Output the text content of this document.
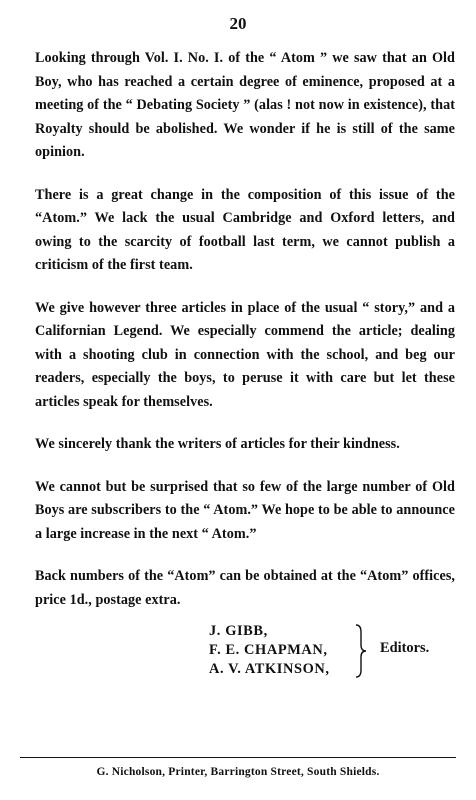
20

Looking through Vol. I. No. I. of the “ Atom ” we saw that an Old Boy, who has reached a certain degree of eminence, proposed at a meeting of the “ Debating Society ” (alas ! not now in existence), that Royalty should be abolished. We wonder if he is still of the same opinion.

There is a great change in the composition of this issue of the “Atom.” We lack the usual Cambridge and Oxford letters, and owing to the scarcity of football last term, we cannot publish a criticism of the first team.

We give however three articles in place of the usual “ story,” and a Californian Legend. We especially commend the article; dealing with a shooting club in connection with the school, and beg our readers, especially the boys, to peruse it with care but let these articles speak for themselves.

We sincerely thank the writers of articles for their kindness.

We cannot but be surprised that so few of the large number of Old Boys are subscribers to the “ Atom.” We hope to be able to announce a large increase in the next “ Atom.”

Back numbers of the “Atom” can be obtained at the “Atom” offices, price 1d., postage extra.

J. GIBB,
F. E. CHAPMAN,
A. V. ATKINSON,
Editors.
G. Nicholson, Printer, Barrington Street, South Shields.
